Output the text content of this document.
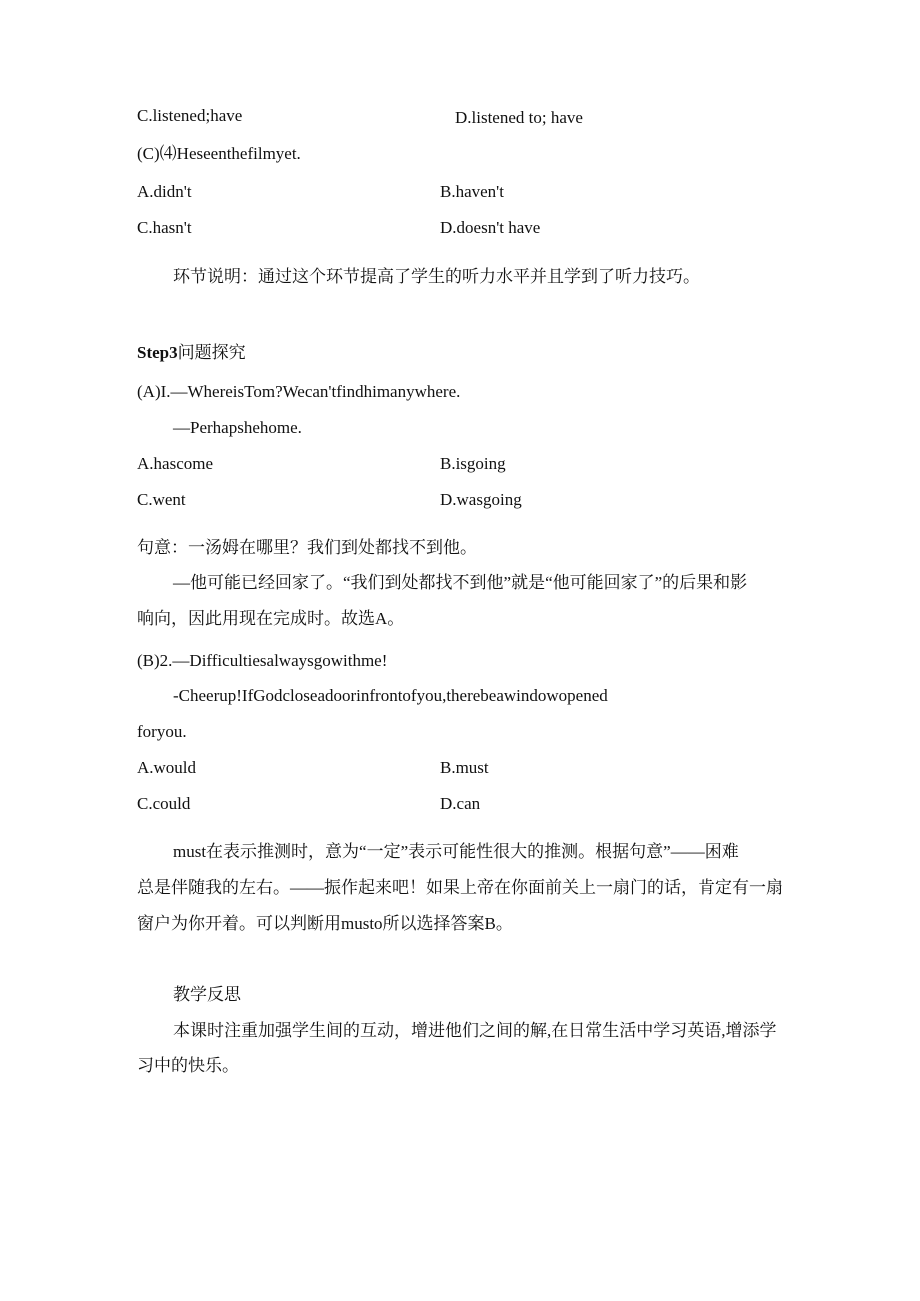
C.listened;have	D.listened to; have
(C)⑷Heseenthefilmyet.
A.didn't	B.haven't
C.hasn't	D.doesn't have
环节说明：通过这个环节提高了学生的听力水平并且学到了听力技巧。
Step3问题探究
(A)I.—WhereisTom?Wecan'tfindhimanywhere.
—Perhapshehome.
A.hascome	B.isgoing
C.went	D.wasgoing
句意：一汤姆在哪里？我们到处都找不到他。
—他可能已经回家了。“我们到处都找不到他”就是“他可能回家了”的后果和影
响向，因此用现在完成时。故选A。
(B)2.—Difficultiesalwaysgowithme!
-Cheerup!IfGodcloseadoorinfrontofyou,therebeawindowopened
foryou.
A.would	B.must
C.could	D.can
must在表示推测时，意为“一定”表示可能性很大的推测。根据句意”——困难
总是伴随我的左右。——振作起来吧！如果上帝在你面前关上一扇门的话，肯定有一扇
窗户为你开着。可以判断用musto所以选择答案B。
教学反思
本课时注重加强学生间的互动，增进他们之间的解,在日常生活中学习英语,增添学
习中的快乐。
